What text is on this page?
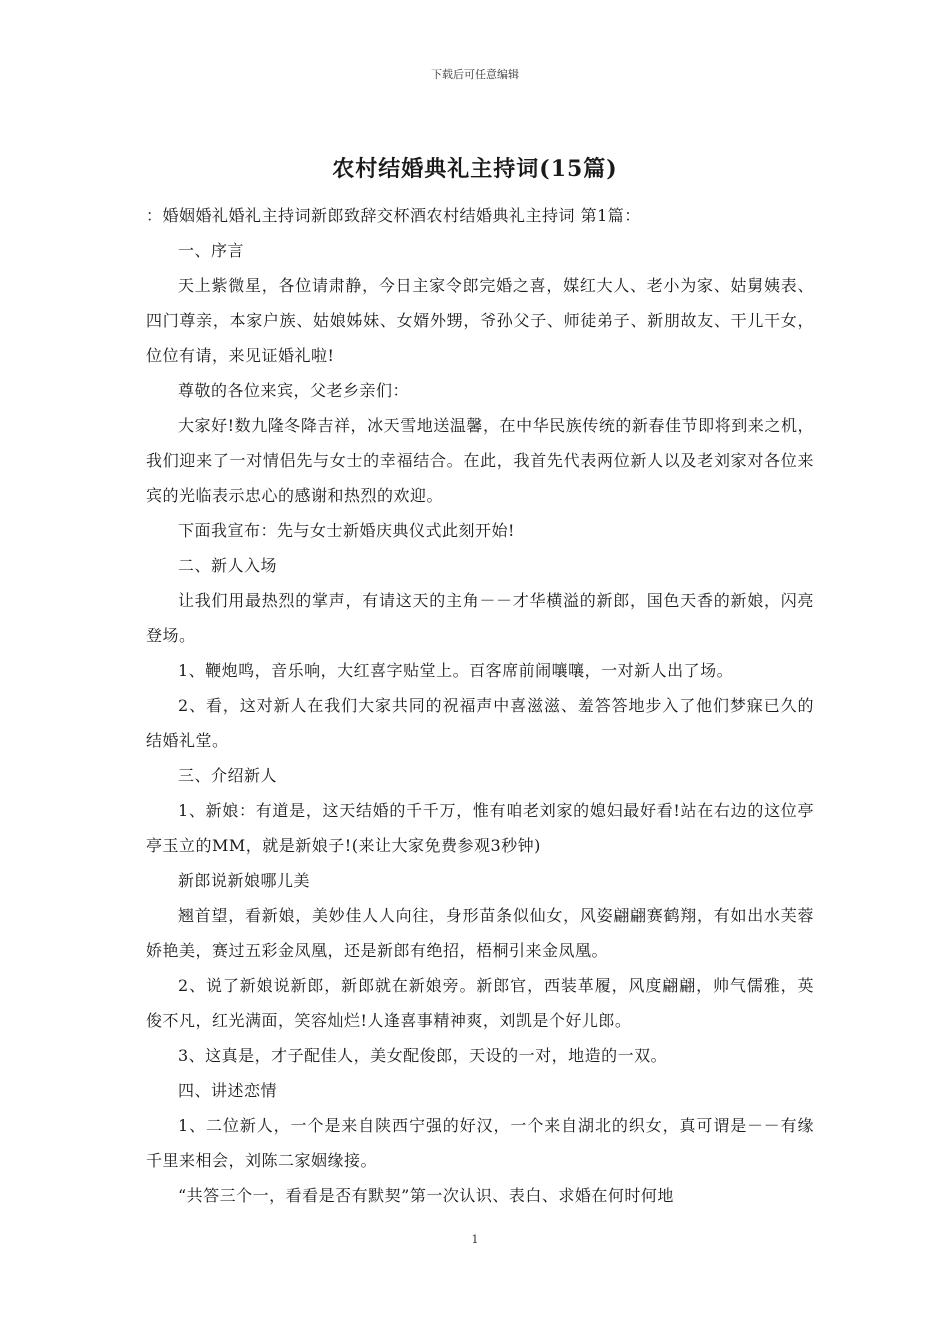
下载后可任意编辑
农村结婚典礼主持词(15篇)

：婚姻婚礼婚礼主持词新郎致辞交杯酒农村结婚典礼主持词 第1篇：

一、序言

天上紫微星，各位请肃静，今日主家令郎完婚之喜，媒红大人、老小为家、姑舅姨表、四门尊亲，本家户族、姑娘姊妹、女婿外甥，爷孙父子、师徒弟子、新朋故友、干儿干女，位位有请，来见证婚礼啦!

尊敬的各位来宾，父老乡亲们：

大家好!数九隆冬降吉祥，冰天雪地送温馨，在中华民族传统的新春佳节即将到来之机，我们迎来了一对情侣先与女士的幸福结合。在此，我首先代表两位新人以及老刘家对各位来宾的光临表示忠心的感谢和热烈的欢迎。

下面我宣布：先与女士新婚庆典仪式此刻开始!

二、新人入场

让我们用最热烈的掌声，有请这天的主角－－才华横溢的新郎，国色天香的新娘，闪亮登场。

1、鞭炮鸣，音乐响，大红喜字贴堂上。百客席前闹嚷嚷，一对新人出了场。

2、看，这对新人在我们大家共同的祝福声中喜滋滋、羞答答地步入了他们梦寐已久的结婚礼堂。

三、介绍新人

1、新娘：有道是，这天结婚的千千万，惟有咱老刘家的媳妇最好看!站在右边的这位亭亭玉立的MM，就是新娘子!(来让大家免费参观3秒钟)

新郎说新娘哪儿美

翘首望，看新娘，美妙佳人人向往，身形苗条似仙女，风姿翩翩赛鹤翔，有如出水芙蓉娇艳美，赛过五彩金凤凰，还是新郎有绝招，梧桐引来金凤凰。

2、说了新娘说新郎，新郎就在新娘旁。新郎官，西装革履，风度翩翩，帅气儒雅，英俊不凡，红光满面，笑容灿烂!人逢喜事精神爽，刘凯是个好儿郎。

3、这真是，才子配佳人，美女配俊郎，天设的一对，地造的一双。

四、讲述恋情

1、二位新人，一个是来自陕西宁强的好汉，一个来自湖北的织女，真可谓是－－有缘千里来相会，刘陈二家姻缘接。

“共答三个一，看看是否有默契”第一次认识、表白、求婚在何时何地

1
